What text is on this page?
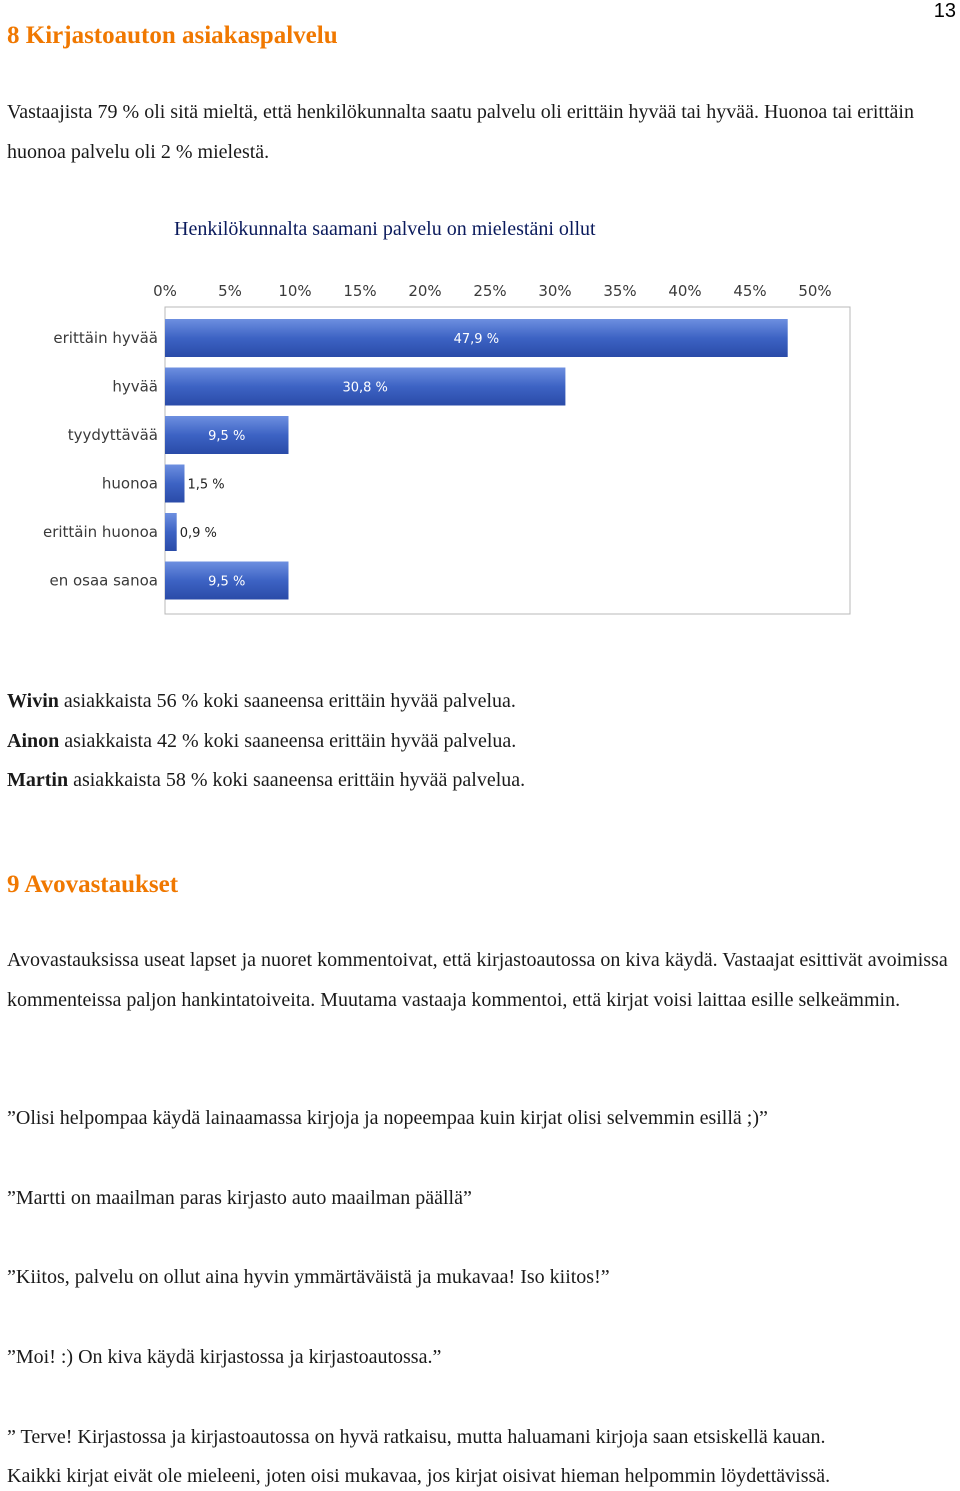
13
8 Kirjastoauton asiakaspalvelu

Vastaajista 79 % oli sitä mieltä, että henkilökunnalta saatu palvelu oli erittäin hyvää tai hyvää. Huonoa tai erittäin huonoa palvelu oli 2 % mielestä.

Henkilökunnalta saamani palvelu on mielestäni ollut

0%	5% 10% 15% 20% 25% 30% 35% 40% 45% 50%
erittäin hyvää	47,9 %
hyvää	30,8 %
tyydyttävää	9,5 %
huonoa 1,5 %
erittäin huonoa 0,9 %
en osaa sanoa	9,5 %

Wivin asiakkaista 56 % koki saaneensa erittäin hyvää palvelua.

Ainon asiakkaista 42 % koki saaneensa erittäin hyvää palvelua.

Martin asiakkaista 58 % koki saaneensa erittäin hyvää palvelua.

9 Avovastaukset

Avovastauksissa useat lapset ja nuoret kommentoivat, että kirjastoautossa on kiva käydä. Vastaajat esittivät avoimissa kommenteissa paljon hankintatoiveita. Muutama vastaaja kommentoi, että kirjat voisi laittaa esille selkeämmin.

”Olisi helpompaa käydä lainaamassa kirjoja ja nopeempaa kuin kirjat olisi selvemmin esillä ;)”

”Martti on maailman paras kirjasto auto maailman päällä”

”Kiitos, palvelu on ollut aina hyvin ymmärtäväistä ja mukavaa! Iso kiitos!”

”Moi! :) On kiva käydä kirjastossa ja kirjastoautossa.”

” Terve! Kirjastossa ja kirjastoautossa on hyvä ratkaisu, mutta haluamani kirjoja saan etsiskellä kauan.

Kaikki kirjat eivät ole mieleeni, joten oisi mukavaa, jos kirjat oisivat hieman helpommin löydettävissä.
